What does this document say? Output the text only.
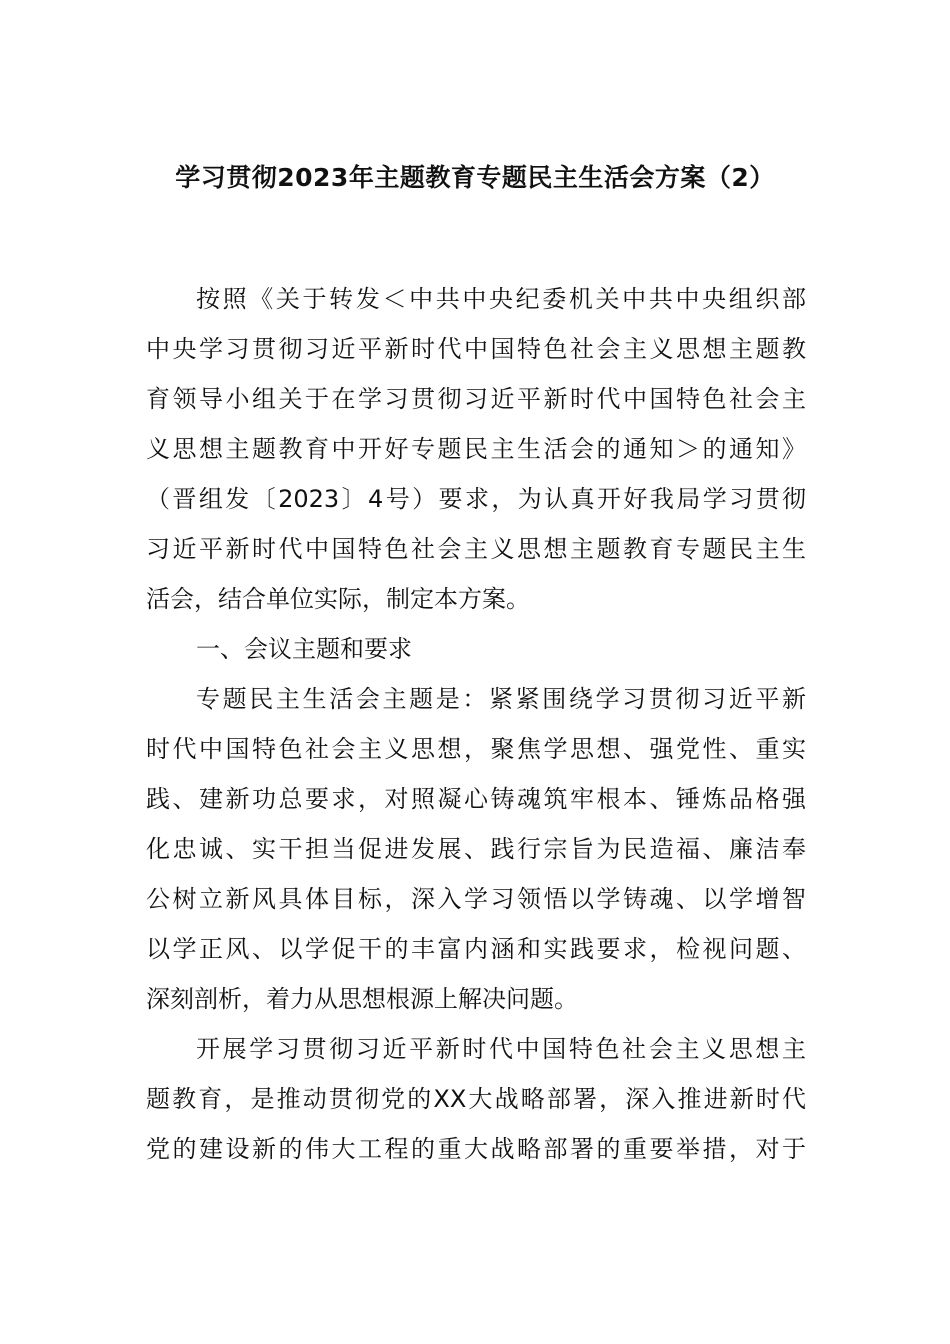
学习贯彻2023年主题教育专题民主生活会方案（2）
按照《关于转发＜中共中央纪委机关中共中央组织部
中央学习贯彻习近平新时代中国特色社会主义思想主题教
育领导小组关于在学习贯彻习近平新时代中国特色社会主
义思想主题教育中开好专题民主生活会的通知＞的通知》
（晋组发〔2023〕4号）要求，为认真开好我局学习贯彻
习近平新时代中国特色社会主义思想主题教育专题民主生
活会，结合单位实际，制定本方案。
一、会议主题和要求
专题民主生活会主题是：紧紧围绕学习贯彻习近平新
时代中国特色社会主义思想，聚焦学思想、强党性、重实
践、建新功总要求，对照凝心铸魂筑牢根本、锤炼品格强
化忠诚、实干担当促进发展、践行宗旨为民造福、廉洁奉
公树立新风具体目标，深入学习领悟以学铸魂、以学增智
以学正风、以学促干的丰富内涵和实践要求，检视问题、
深刻剖析，着力从思想根源上解决问题。
开展学习贯彻习近平新时代中国特色社会主义思想主
题教育，是推动贯彻党的XX大战略部署，深入推进新时代
党的建设新的伟大工程的重大战略部署的重要举措，对于
